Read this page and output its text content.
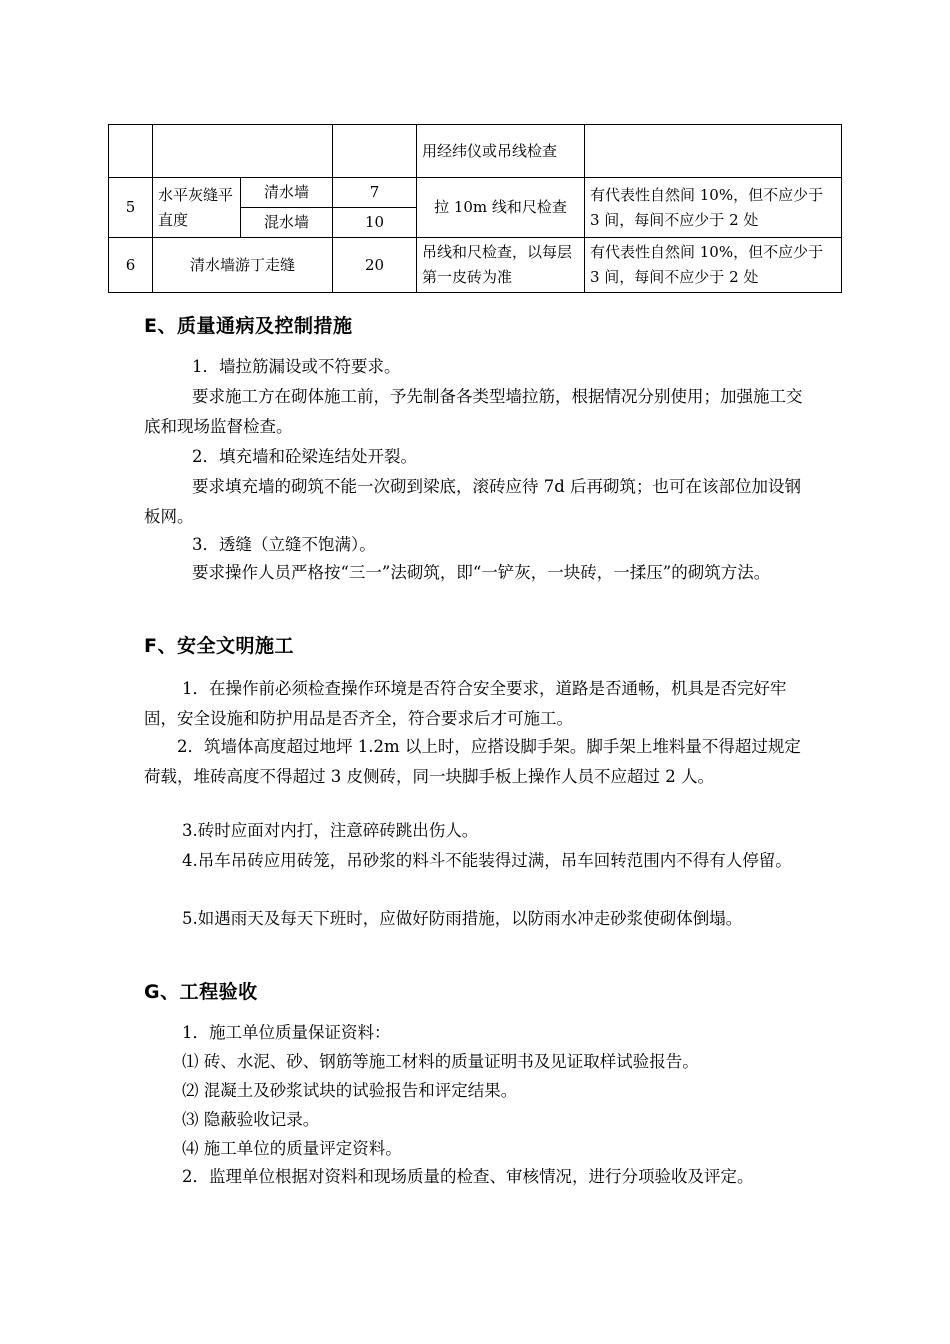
				用经纬仪或吊线检查	
5	水平灰缝平直度	清水墙	7	拉 10m 线和尺检查	有代表性自然间 10%，但不应少于 3 间，每间不应少于 2 处
		混水墙	10		
6	清水墙游丁走缝		20	吊线和尺检查，以每层第一皮砖为准	有代表性自然间 10%，但不应少于 3 间，每间不应少于 2 处
E、质量通病及控制措施
1．墙拉筋漏设或不符要求。
要求施工方在砌体施工前，予先制备各类型墙拉筋，根据情况分别使用；加强施工交底和现场监督检查。
2．填充墙和砼梁连结处开裂。
要求填充墙的砌筑不能一次砌到梁底，滚砖应待 7d 后再砌筑；也可在该部位加设钢板网。
3．透缝（立缝不饱满）。
要求操作人员严格按“三一”法砌筑，即“一铲灰，一块砖，一揉压”的砌筑方法。
F、安全文明施工
1．在操作前必须检查操作环境是否符合安全要求，道路是否通畅，机具是否完好牢固，安全设施和防护用品是否齐全，符合要求后才可施工。
2．筑墙体高度超过地坪 1.2m 以上时，应搭设脚手架。脚手架上堆料量不得超过规定荷载，堆砖高度不得超过 3 皮侧砖，同一块脚手板上操作人员不应超过 2 人。
3.砖时应面对内打，注意碎砖跳出伤人。
4.吊车吊砖应用砖笼，吊砂浆的料斗不能装得过满，吊车回转范围内不得有人停留。
5.如遇雨天及每天下班时，应做好防雨措施，以防雨水冲走砂浆使砌体倒塌。
G、工程验收
1．施工单位质量保证资料：
⑴ 砖、水泥、砂、钢筋等施工材料的质量证明书及见证取样试验报告。
⑵ 混凝土及砂浆试块的试验报告和评定结果。
⑶ 隐蔽验收记录。
⑷ 施工单位的质量评定资料。
2．监理单位根据对资料和现场质量的检查、审核情况，进行分项验收及评定。
